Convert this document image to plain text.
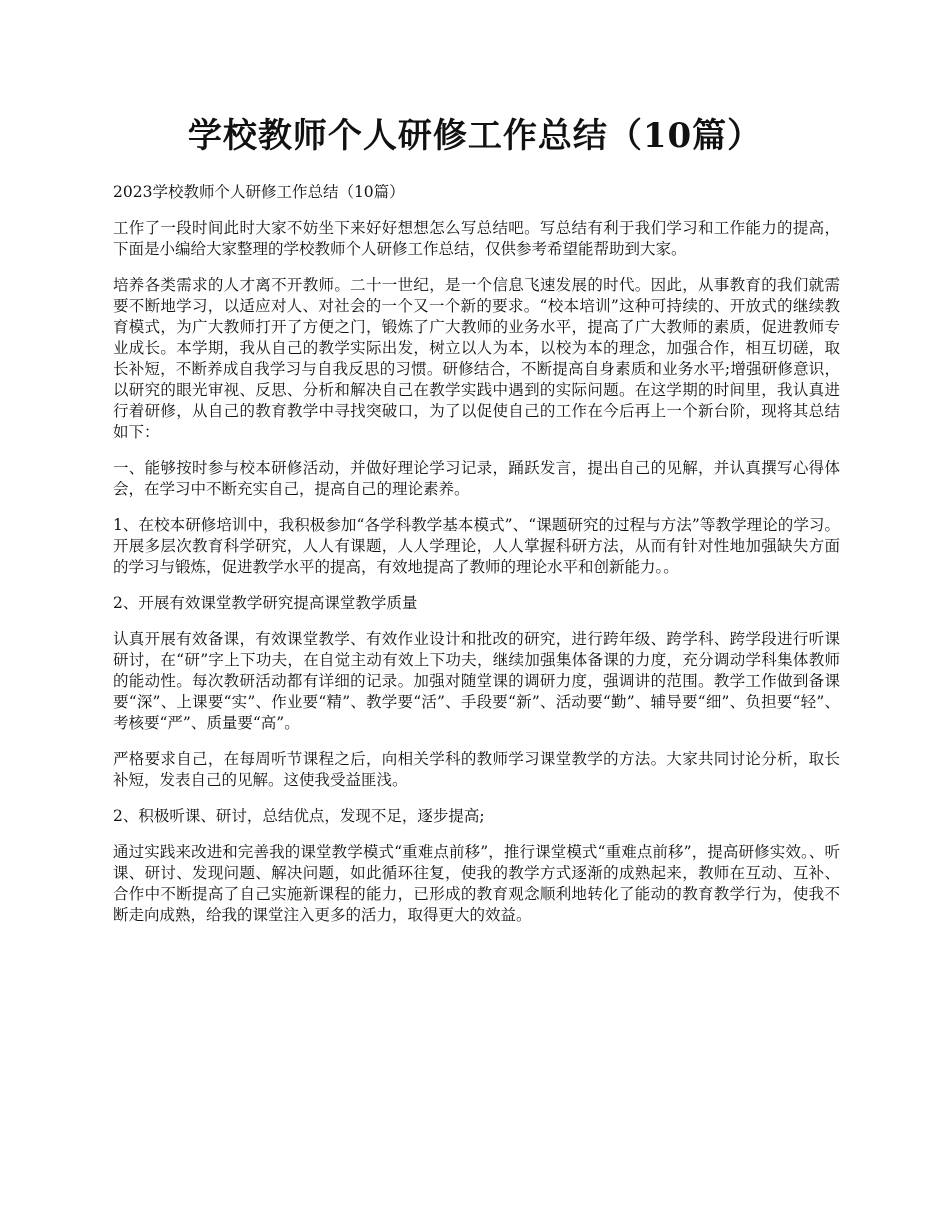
学校教师个人研修工作总结（10篇）

2023学校教师个人研修工作总结（10篇）

工作了一段时间此时大家不妨坐下来好好想想怎么写总结吧。写总结有利于我们学习和工作能力的提高，下面是小编给大家整理的学校教师个人研修工作总结，仅供参考希望能帮助到大家。

培养各类需求的人才离不开教师。二十一世纪，是一个信息飞速发展的时代。因此，从事教育的我们就需要不断地学习，以适应对人、对社会的一个又一个新的要求。“校本培训”这种可持续的、开放式的继续教育模式，为广大教师打开了方便之门，锻炼了广大教师的业务水平，提高了广大教师的素质，促进教师专业成长。本学期，我从自己的教学实际出发，树立以人为本，以校为本的理念，加强合作，相互切磋，取长补短，不断养成自我学习与自我反思的习惯。研修结合，不断提高自身素质和业务水平;增强研修意识，以研究的眼光审视、反思、分析和解决自己在教学实践中遇到的实际问题。在这学期的时间里，我认真进行着研修，从自己的教育教学中寻找突破口，为了以促使自己的工作在今后再上一个新台阶，现将其总结如下：

一、能够按时参与校本研修活动，并做好理论学习记录，踊跃发言，提出自己的见解，并认真撰写心得体会，在学习中不断充实自己，提高自己的理论素养。

1、在校本研修培训中，我积极参加“各学科教学基本模式”、“课题研究的过程与方法”等教学理论的学习。开展多层次教育科学研究，人人有课题，人人学理论，人人掌握科研方法，从而有针对性地加强缺失方面的学习与锻炼，促进教学水平的提高，有效地提高了教师的理论水平和创新能力。。

2、开展有效课堂教学研究提高课堂教学质量

认真开展有效备课，有效课堂教学、有效作业设计和批改的研究，进行跨年级、跨学科、跨学段进行听课研讨，在“研”字上下功夫，在自觉主动有效上下功夫，继续加强集体备课的力度，充分调动学科集体教师的能动性。每次教研活动都有详细的记录。加强对随堂课的调研力度，强调讲的范围。教学工作做到备课要“深”、上课要“实”、作业要“精”、教学要“活”、手段要“新”、活动要“勤”、辅导要“细”、负担要“轻”、考核要“严”、质量要“高”。

严格要求自己，在每周听节课程之后，向相关学科的教师学习课堂教学的方法。大家共同讨论分析，取长补短，发表自己的见解。这使我受益匪浅。

2、积极听课、研讨，总结优点，发现不足，逐步提高;

通过实践来改进和完善我的课堂教学模式“重难点前移”，推行课堂模式“重难点前移”，提高研修实效。、听课、研讨、发现问题、解决问题，如此循环往复，使我的教学方式逐渐的成熟起来，教师在互动、互补、合作中不断提高了自己实施新课程的能力，已形成的教育观念顺利地转化了能动的教育教学行为，使我不断走向成熟，给我的课堂注入更多的活力，取得更大的效益。
